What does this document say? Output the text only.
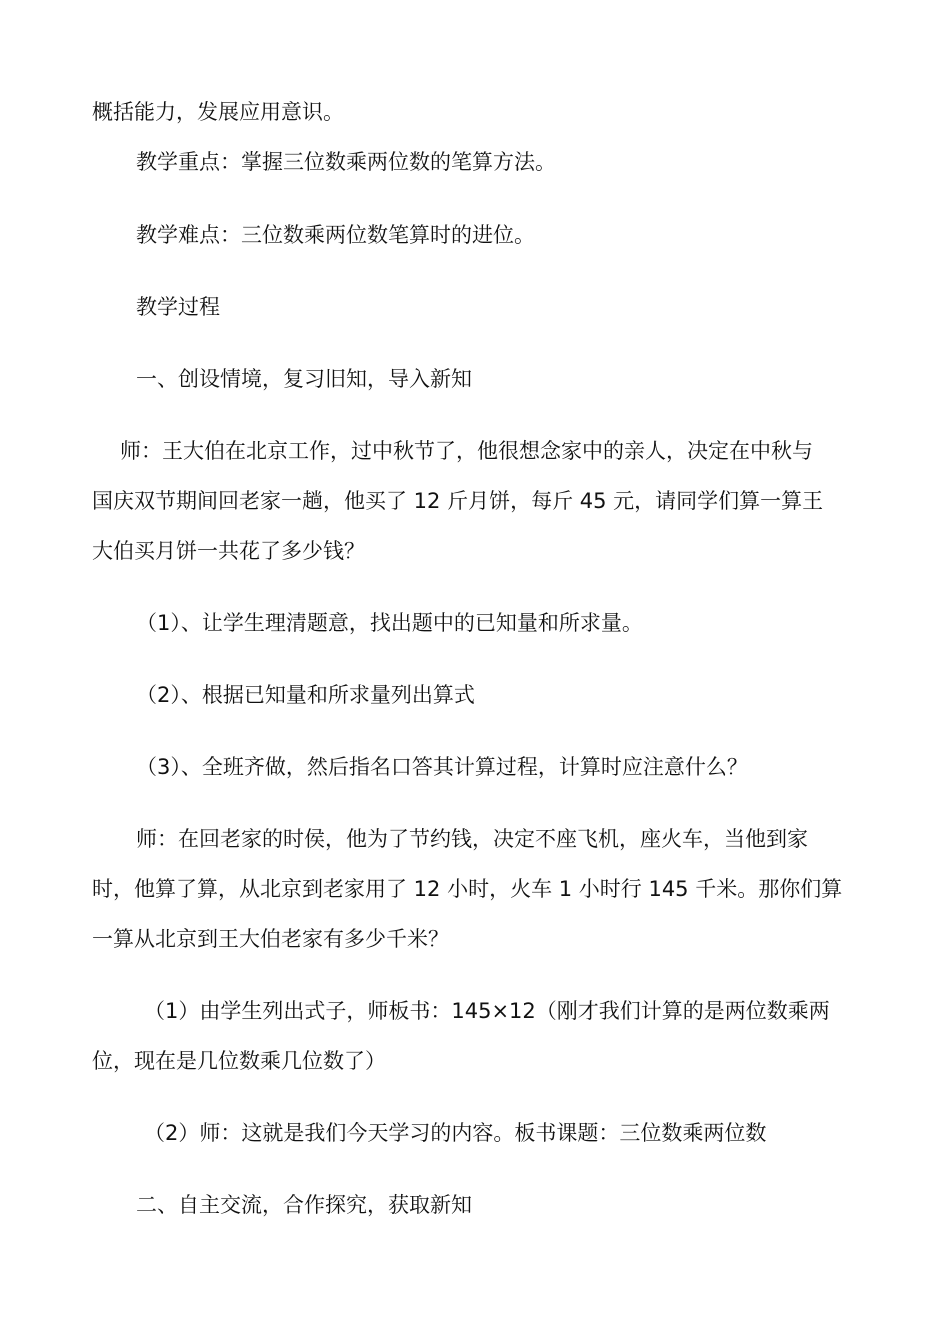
概括能力，发展应用意识。
教学重点：掌握三位数乘两位数的笔算方法。
教学难点：三位数乘两位数笔算时的进位。
教学过程
一、创设情境，复习旧知，导入新知
师：王大伯在北京工作，过中秋节了，他很想念家中的亲人，决定在中秋与
国庆双节期间回老家一趟，他买了 12 斤月饼，每斤 45 元，请同学们算一算王
大伯买月饼一共花了多少钱？
（1）、让学生理清题意，找出题中的已知量和所求量。
（2）、根据已知量和所求量列出算式
（3）、全班齐做，然后指名口答其计算过程，计算时应注意什么？
师：在回老家的时侯，他为了节约钱，决定不座飞机，座火车，当他到家
时，他算了算，从北京到老家用了 12 小时，火车 1 小时行 145 千米。那你们算
一算从北京到王大伯老家有多少千米？
（1）由学生列出式子，师板书：145×12（刚才我们计算的是两位数乘两
位，现在是几位数乘几位数了）
（2）师：这就是我们今天学习的内容。板书课题：三位数乘两位数
二、自主交流，合作探究，获取新知
